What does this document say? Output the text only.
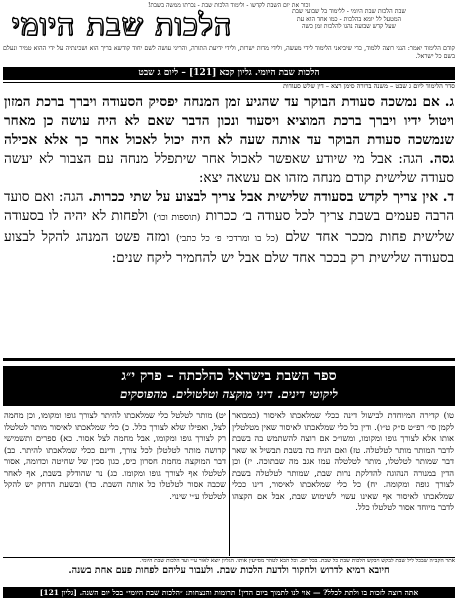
זכור את יום השבת לקדשו - ולימוד הלכות שבת - נכרתו ממשה בשבת!
הלכות שבת היומי	שבת הלכות שבת היומי - ללימוד בל שבועי שבת
המטעל לל יומא בהלכות - כמו אחד הוא עת
שעל קדש שבועה נהגו להלכות זמן כשה
קודם הלימוד יאמר: הנני רוצה ללמוד, כדי שיביאני הלימוד לידי מעשה, ולידי מדות ישרות, ולידי ידיעת התורה, והריני עושה לשם יחוד קודשא בריך הוא ושכינתיה על ידי ההוא טמיר ונעלם בשם כל ישראל.
הלכות שבת היומי. גליון קכא [121] – ליום ג שבט
סדר הלימוד ליום ג שבט – משנה ברורה סימן רצא – דין שלש סעודות

ג. אם נמשכה סעודת הבוקר עד שהגיע זמן המנחה יפסיק הסעודה ויברך ברכת המזון ויטול ידיו ויברך ברכת המוציא ויסעוד ונכון הדבר שאם לא היה עושה כן מאחר שנמשכה סעודת הבוקר עד אותה שעה לא היה יכול לאכול אחר כך אלא אכילה גסה. הגה: אבל מי שיודע שאפשר לאכול אחר שיתפלל מנחה עם הצבור לא יעשה סעודה שלישית קודם מנחה מזהו אם עשאה יצא:

ד. אין צריך לקדש בסעודה שלישית אבל צריך לבצוע על שתי ככרות. הגה: ואם סועד הרבה פעמים בשבת צריך לכל סעודה ב׳ ככרות (תוספות וכו׳) ולפחות לא יהיה לו בסעודה שלישית פחות מככר אחד שלם (כל בו ומרדכי פ׳ כל כתבי) ומזה פשט המנהג להקל לבצוע בסעודה שלישית רק בככר אחד שלם אבל יש להחמיר ליקח שנים:

ספר השבת בישראל כהלכתה – פרק י״ג
ליקוטי דינים. דיני מוקצה וטלטולים. מהפוסקים

טו) קדירה המיוחדת לבישול דינה ככלי שמלאכתו לאיסור (כמבואר לקמן סי׳ רפ״ט ס״ק ט״ו). ודין כל כלי שמלאכתו לאיסור שאין מטלטלין אותו אלא לצורך גופו ומקומו, ומשו״כ אם רוצה להשתמש בה בשבת לדבר המותר מותר לטלטלה. טז) ואם הניח בה בשבת תבשיל או שאר דבר שמותר לטלטלו, מותר לטלטלה עמו אגב מה שבתוכה. יז) וכן הדין במנורה הנהוגה להדלקת נרות שבת, שמותר לטלטלה בשבת לצורך גופה ומקומה. יח) כל כלי שמלאכתו לאיסור, דינו ככלי שמלאכתו לאיסור אף שאינו עשוי לשימוש שבת, אבל אם הקצהו לדבר מיוחד אסור לטלטלו כלל.

יט) מותר לטלטל כלי שמלאכתו להיתר לצורך גופו ומקומו, וכן מחמה לצל, ואפילו שלא לצורך כלל. כ) כלי שמלאכתו לאיסור מותר לטלטלו רק לצורך גופו ומקומו, אבל מחמה לצל אסור. כא) ספרים ותשמישי קדושה מותר לטלטלן לכל צורך, ודינם ככלי שמלאכתו להיתר. כב) דבר המוקצה מחמת חסרון כיס, כגון סכין של שחיטה וכדומה, אסור לטלטלו אף לצורך גופו ומקומו. כג) נר שהודלק בשבת, אף לאחר שכבה אסור לטלטלו כל אותה השבת. כד) ובשעת הדחק יש להקל לטלטלו ע״י שינוי.

אתר הקב״ה שבכל ליל שבת לבקש ויבקש הלכות שבת כל שבת. בכל יום. וכל הבא לטהר מסייעין אותו. הגליון יוצא לאור ע״י ועד הלכות שבת היומי.
חיובא רמיא לדרוש ולחקור ולדעת הלכות שבת. ולעבור עליהם לפחות פעם אחת בשנה.
אתה רוצה לזכות בו ולתת לכלל? — אוי לנו לתמוך ביום הדין! תרומות והנצחות: ״הלכות שבת היומי״ בכל יום השנה. [גליון 121]
